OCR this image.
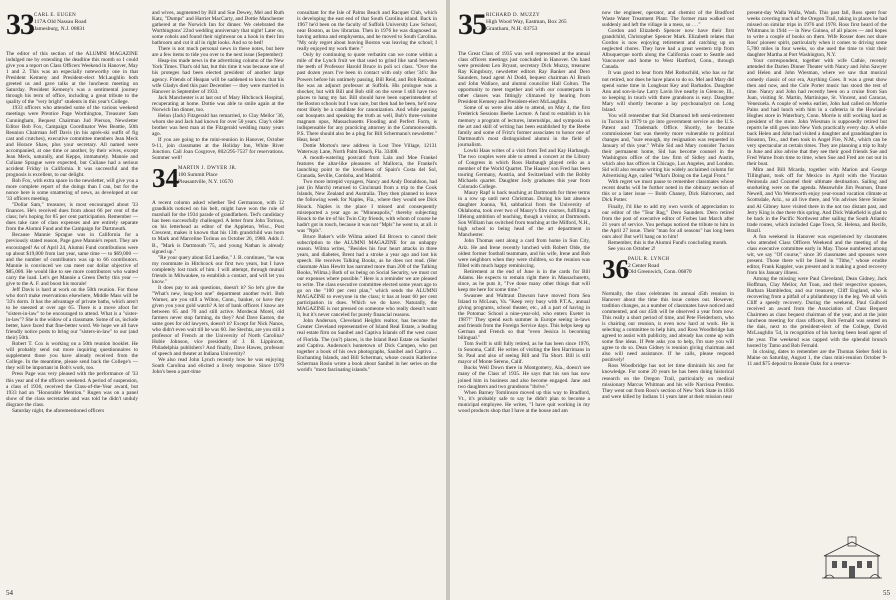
33 CARL E. EUGEN
117A Old Nassau Road
Jamesburg, N.J. 08831

The editor of this section of the ALUMNI MAGAZINE indulged me by extending the deadline this month so I could give you a report on Class Officers Weekend in Hanover, May 1 and 2. This was an especially noteworthy one in that President Kemeny and President-elect McLaughlin both greeted us and gave talks at the luncheon meeting on Saturday. President Kemeny's was a sentimental journey through his term of office, including a great tribute to the quality of the "very bright" students in this year's College.

1933 officers who attended some of the various weekend meetings were Prentice Page Worthington, Treasurer Sam Cunningham, Bequest Chairman Jud Pierson, Newsletter Editor Bob Fox, Campaign Coordinator Wes Beattie, 50th Reunion Chairman Jeff Davis (in his aprés-ski outfit of fig cast and crutches), executive committee members Jean Meck and Horace Shaw, plus your secretary. All named were accompanied, at one time or another, by their wives, except Jean Meck, naturally, and Keppo, immaturely. Mannie and Culiane Sprague were expected, but Culiane had a serious accident Friday in California. It was successful and the prognosis is excellent, to our delight.

Bob Fox, with extra space in the newsletter, will give you a more complete report of the doings than I can, but for the nonce here is some smattering of news, as developed at our '33 officers meeting.

"Dollar Sam," treasurer, is most encouraged about '33 finances. He's received dues from about 66 per cent of the class; he's hoping for 85 per cent participation. Remember — dues take care of class expenses and are entirely separate from the Alumni Fund and the Campaign for Dartmouth.

Because Mannie Sprague was in California for a previously stated reason, Page gave Mannie's report. They are encouraged! As of April 24, Alumni Fund contributions were up about $19,000 from last year, same time — to $69,000 — and the number of contributors was up to 66 contributors. Mannie is convinced we can meet our dollar objective of $85,000. He would like to see more contributors who waited carry the load. Let's get Mannie a Green Derby this year — give to the A. F. and boost his morale!

Jeff Davis is hard at work on the 50th reunion. For those who don't make reservations elsewhere, Middle Mass will be '33's dorm. It has the advantage of private baths, which aren't to be sneezed at over age 65. There is a move afoot for "sisters-in-law" to be encouraged to attend. What is a "sister-in-law"? She is the widow of a classmate. Some of us, include better, have faced that fine-better word. We hope we all have friendly notice posts to bring our "sisters-in-law" to our (and their) 50th.

Robert T. Cox is working on a 50th reunion booklet. He will probably send out more inquiring questionnaires to supplement those you have already received from the College. In the meantime, please send back the College's — they will be important in Bob's work, too.

Press Page was very pleased with the performance of '33 this year and of the officers weekend. A period of suspension, a class of 1936, received the Class-of-the-Year award, but 1933 had an "Honorable Mention." Rugen was on a panel show of the class secretaries and was told he didn't unduly disgrace the class.

Saturday night, the aforementioned officers

and wives, augmented by Bill and Sue Dewey, Mel and Ruth Katz, "Dumps" and Harriet MacCarty, and Dottie Manchester gathered at the Norwich Inn for dinner. We celebrated the Worthingtons' 22nd wedding anniversary that night! Later on, some cohols and found their nightwear on a hook in their Inn bathroom and cut it all in right looks. And so to bed!

There is not much personal news in these notes, but here are a few items to tide you over to the next issue (September):

Heap-ins made news in the advertising column of the New York Times. That's old hat, but this time it was because one of his proteges had been elected president of another large agency. Friends of Heapan will be saddened to know that his wife Gladys died this past December — they were married in Hanover in September of 1933.

Jack Manchester is at last out of Mary Hitchcock Hospital, recuperating at home. Dottie was able to smile again at the Norwich Inn dinner, too.

Helon (Jack) Fitzgerald has remarried, to Clay Mellor '36, whom she and Jack had known for over 50 years. Clay's older brother was best man at the Fitzgerald wedding many years ago.

If you are going to the mini-reunion in Hanover, October 9-11, join classmates at the Holiday Inn, White River Junction. Call Joan Cosgrove, 802/295-7537 for reservations. Summer well!

34 MARTIN J. DWYER JR.
100 Summit Place
Pleasantville, N.Y. 10570

A recent column asked whether Ted Germanson, with 12 grandkids noticed on his belt, might have won the role of marshall for the 1934 parade of grandfathers. Ted's candidacy has been successfully challenged. A letter from John Torinus, on his letterhead as editor of the Appleton, Wisc., Post Crescent, makes it known that his 13th grandchild was born to Mark and Marceline Torinus on October 26, 1980. Adds J. B., "Mark is Dartmouth '75, and young Nathan is already signed up."

"Re your query about Ed Luedke," J. B. continues, "he was my roommate in Hitchcock our first two years, but I have completely lost track of him. I will attempt, through mutual friends in Milwaukee, to establish a contact, and will let you know."

It does pay to ask questions, doesn't it? So let's give the "What's new, long-lost one" department another twirl. Bob Warner, are you still a Wilton, Conn., banker, or have they given you your gold watch? A lot of bank officers I know are between 65 and 70 and still active. Mordecai Morel, old farmers never stop farming, do they? And Dave Easton, the same goes for old lawyers, doesn't it? Except for Nick Nanos, who didn't even wait till he was 60. Joe Stechta, are you still a professor of French at the University of North Carolina? Hubie Johnson, vice president of J. B. Lippincott, Philadelphia publishers? And finally, Dave Hawes, professor of speech and theater at Indiana University?

We also read John Lynch recently how he was enjoying South Carolina and elicited a lively response. Since 1979 John's been a part-time

consultant for the Isle of Palms Beach and Racquet Club, which is developing the east end of that South Carolina island. Back in 1967 he'd been on the faculty of Suffolk University Law School, near Boston, as law librarian. Then in 1976 he was diagnosed as having asthma and emphysema, and he moved to South Carolina. "My only regret about leaving Boston was leaving the school; I really enjoyed my work there."

Only by continuing to quote verbatim can we come within a mile of the Lynch fruit we that used to grind like sand between the teeth of Professor Harold Bruce in poli sci class. "Over the past dozen years I've been in contact with only other '34's: Ike Powers before his untimely passing, Bill Reid, and Bob Rodman. Ike was an adjunct professor at Suffolk. His prologue was a shocker, but with Bill and Bob still on the scene I still have two places to hang my hat. Bill should have been superintendent of the Boston schools but I was sure, but then had he been, he'd now most likely be a candidate for canonization. And while passing out bouquets and speaking the truth as well, Bob's three-volume magnum opus, Massachusetts Flooding and Perfect Form, is indispensable for any practicing attorney in the Commonwealth. P.S. There should also be a plug for Bill Schermann's newsletter." Hear, hear!

Dottie Morton's new address is Lost Tree Village, 12131 Waterway Lane, North Palm Beach, Fla. 33408.

A mouth-watering postcard from Lala and Moe Frankel features the altar-like pleasures of Mallorca, the Frankel's launching point to the loveliness of Spain's Costa del Sol, Granada, Seville, Cordoba, and Madrid.

Two more intrepid voyagers, Nancy and Andy Donaldson, had just (in March) returned to Cincinnati from a trip to the Cook Islands, New Zealand and Australia. They then planned to leave the following week for Naples, Fla., where they would see Dick Houck. Naples is the place I missed and consequently misreported a year ago as "Minneapolis," thereby subjecting Houck to the ire of his Twin City friends, with whom of course he hadn't got in touch, because it was not "Mpls" he went to, at all. it was "Npls".

Bruce Baker's wife Wilma asked Ed Brown to cancel their subscription to the ALUMNI MAGAZINE for an unhappy reason. Wilma writes, "Besides his four heart attacks in three years, and diabetes, Brent had a stroke a year ago and lost his speech. He receives Talking Books, as he does not read. (Her classmate Alan Hewitt has narrated more than 200 of the Talking Books, Wilma.) Both of us being on Social Security, we must cut our expenses where possible." Here is a reminder we are pleased to write. The class executive committee elected some years ago to go on the "100 per cent plan," which sends the ALUMNI MAGAZINE to everyone in the class; it has at least 60 per cent participation in dues. Which we do have. Naturally, the MAGAZINE is not pressed on someone who really doesn't want it, but it's never canceled for purely financial reasons.

John Anderson, Cleveland Heights realtor, has become the Greater Cleveland representative of Island Real Estate, a leading real estate firm on Sanibel and Captiva Islands off the west coast of Florida. The (on?) places, is the Island Real Estate on Sanibel and Captiva. Anderson's hometown of Dick Campen, who put together a book of his own photographs, Sanibel and Captiva ... Enchanting Islands, and Bill Scherman, whose cousin Katherine Scherman Rosin wrote a book about Sanibel in her series on the world's "most fascinating islands."

54
35 RICHARD D. MUZZY
High Wood Way, Eastman, Box 265
Grantham, N.H. 03753

The Great Class of 1935 was well represented at the annual class officers meetings just concluded in Hanover. On hand were president Len Bryant, secretary Dick Muzzy, treasurer Ray Kingsbury, newsletter editors Ray Banker and Dero Saunders, head agent Al Dodd, bequest chairman Al Brush and John Wallace, and alumni councilor Hall Colton. The opportunity to meet together and with our counterparts in other classes was fittingly climaxed by hearing from President Kemeny and President-elect McLaughlin.

Some of us were also able to attend, on May 4, the first Frederick Sessions Beebe Lecture. A fund to establish in his memory a program of lectures, internships, and symposia on the art and skill of writing has been established by the Beebe family and some of Fritz's former associates to honor one of Dartmouth's most distinguished alumni in the field of journalism.

Lowki Haas writes of a visit from Ted and Kay Harbaugh. The two couples were able to attend a concert at the Library of Congress in which Ross Harbaugh played cello as a member of the World Quartet. The Haases' son Fred has been touring Germany, Austria, and Switzerland with the Bobby Michaels quartet. Daughter Jody graduates this year from Colorado College.

Maury Rapf is back teaching at Dartmouth for three terms in a row up until next Christmas. During his last absence daughter Joanna, '84, sabbatical from the University of Oklahoma, took over two of Maury's film courses, fulfilling a lifelong ambition of teaching, though a visitor, at Dartmouth. Son William has switched from teaching at the Milford, N.H., high school to being head of the art department in Manchester.

John Thomas sent along a card from home in Sun City, Ariz. He and Irene recently lunched with Robert Olde, the oldest former football teammate, and his wife, Irene and Bob were neighbors when they were children, so the reunion was filled with much happy reminiscing.

Retirement at the end of June is in the cards for Bill Adams. He expects to remain right there in Massachusetts, since, as he puts it, "I've done many other things that will keep me here for some time."

Swasnee and Waltraut Dawson have moved from Sea Island to McLean, Va. "Keep very busy with P.T.A., annual giving programs, school theater, etc., all a part of having in the Potomac School a nine-year-old, who enters Exeter in 1987!" They spend each summer in Europe seeing in-laws and friends from the Foreign Service days. This helps keep up German and French so that "even Jessica is becoming bilingual."

Tom Swift is still fully retired, as he has been since 1976, in Sonoma, Calif. He writes of visiting the Ben Harrimans in St. Paul and also of seeing Bill and Tia Short. Bill is still mayor of Monte Sereno, Calif.

Bucks Well Down there in Montgomery, Ala., doesn't see many of the Class of 1935. He says that his son has now joined him in business and also become engaged. Jane and two daughters and two grandsons "thrive."

When Barney Tomlinson moved up this way to Bradford, Vt., it's probably safe to say he didn't plan to become a municipal employee. He writes, "I have quit working in my wood products shop that I have at the house and am

now the engineer, operator, and chemist of the Bradford Waste Water Treatment Plant. The former man walked out suddenly and left the village in a mess, so . . ."

Gordon and Elizabeth Spencer now have their first grandchild, Christopher Spencer Mark. Elizabeth relates that Gordon is now enjoying retirement and catching up on neglected chores. They have had a great western trip from Albuquerque north along the California coast to Seattle and Vancouver and home to West Hartford, Conn., through Canada.

It was good to hear from Mel Rothschild, who has so far not retired, nor does he have plans to do so. Mel and Mary did spend some time in Longboat Key and Barbados. Daughter Ann and son-in-law Larry Lavin live nearby in Glencoe, Ill., so keeping in touch with three grandsons is easy. Daughter Mary will shortly become a lay psychoanalyst on Long Island.

You will remember that Sid Diamond left semi-retirement in Tucson in 1979 to go into government service as the U.S. Patent and Trademark Office. Shortly, he became commissioner but was thereby more vulnerable to political changes and, "sure enough, my resignation was requested in January of this year." While Sid and Mary consider Tucson their permanent home, Sid has become counsel in the Washington office of the law firm of Sidley and Austin, which also has offices in Chicago, Los Angeles, and London. Sid will also resume writing his widely acclaimed column for Advertising Age, called "What's Doing on the Legal Front."

With regret we must pause to remember classmates whose recent deaths will be further noted in the obituary section of this or a later issue — Bobb Chaney, Dick Halvorsen, and Dick Potter.

Finally, I'd like to add my own words of appreciation to our editor of the "Tear Rag," Dero Saunders. Dero retired from the post of executive editor of Forbes last March after 21 years of service. You perhaps noticed the tribute to him in the April 27 issue. Their "man for all seasons" has long been ours also! But we'll hang on to him!

Remember, this is the Alumni Fund's concluding month.

See you on October 2!

36 PAUL R. LYNCH
2 Center Road
Old Greenwich, Conn. 06870

Normally, the class celebrates its annual 45th reunion in Hanover about the time this issue comes out. However, tradition changes, as a number of classmates have noticed and commented, and our 45th will be observed a year from now. This really a short period of time, and Pete Fleiderborn, who is chairing our reunion, is even now hard at work. He is selecting a committee to help him, and Ross Woodbridge has agreed to assist with publicity, and already has come up with some fine ideas. If Pete asks you to help, I'm sure you will agree to do so. Dean Gidney is reunion giving chairman and also will need assistance. If he calls, please respond positively!

Ross Woodbridge has not let time diminish his zest for knowledge. For some 20 years he has been doing historical research on the Oregon Trail, particularly on medical missionary Marcus Whitman and his wife Narcissa Prentiss. They went out from Ross's section of New York State in 1836 and were killed by Indians 11 years later at their mission near

present-day Walla Walla, Wash. This past fall, Ross spent four weeks covering much of the Oregon Trail, taking in places he had missed on similar trips in 1976 and 1978. Ross first heard of the Whitmans in 1944 — in New Guinea, of all places — and hopes to write a couple of books on them. Wife Rosser does not share Ross' pioneer spirit, particularly when it comes to driving some 5,700 miles in four weeks, so she used the time to visit their daughter Martha at Port Washington, N.Y.

Your correspondent, together with wife Cathie, recently attended the Darien Dinner Theater with Nancy and John Sawyer and Helen and John Wiesman, where we saw that musical comedy classic of our era, Anything Goes. It was a great show then and now, and the Cole Porter music has stood the test of time. Nancy and John had recently been on a cruise from San Juan, visiting St. Martin, Martinique, St. Vincent, and Caracas, Venezuela. A couple of weeks earlier, John had called on Morrie Pains and had lunch with him in a cafeteria in the Howland-Hughes store in Waterbury, Conn. Morrie is still working hard as president of the store. John Wiesman is supposedly retired but reports he still goes into New York practically every day. A while back Helen and John had visited a daughter and granddaughter in Houston, Tex., and then took in Angel Fire, N.M., which can be very spectacular at certain times. They are planning a trip to Italy in June and also advise that they see their good friends Sue and Fred Warne from time to time, when Sue and Fred are not out in their boat.

Mim and Bill Mcarda, together with Marion and George Tillinghast, took off for Mexico in April with the Yucatan Peninsula and Cozumel their ultimate destination. Sailing and snorkeling were on the agenda. Meanwhile Jim Pearson, Dune Newell, and Vin Wentworth enjoy year-round vacation climate at Scottsdale, Ariz., so all live there, and Vin advises Steve Stoiser and Al Gibney have visited there in the not too distant past, and Jerry King is due there this spring. And Dick Wakefield is glad to be back in the Pacific Northwest after sailing the South Atlantic trade routes, which included Cape Town, St. Helena, and Recife, Brazil.

A fun weekend in Hanover was experienced by classmates who attended Class Officers Weekend and the meeting of the class executive committee early in May. Those numbered among wit, we say "Of course," since 36 classmates and spouses were present. Those there will be listed in "Tithe," whose erudite editor, Frank Kappler, was present and is making a good recovery from his January illness.

Among the missing were Paul Cleveland, Dean Gidney, Jack Hoffman, Clay Mellor, Art Toan, and their respective spouses, Barbara Hambledon, and our treasurer, Cliff England, who is recovering from a pitfall of a philanthropy in the leg. We all wish Cliff a speedy recovery. During the weekend, Paul Gulbord received an award from the Association of Class Bequest Chairmen as class bequest chairman of the year, and at the joint luncheon meeting for class officers, Bob Fernald was seated on the dais, next to the president-elect of the College, David McLaughlin '54, in recognition of his having been head agent of the year. The weekend was capped with the splendid brunch hosted by Tamo and Bob Fernald.

In closing, dates to remember are the Thomas Sieber field in Maine on Saturday, August 1, the class mini-reunion October 9-11 and $75 deposit to Bonnie Oaks for a reserva-

55
